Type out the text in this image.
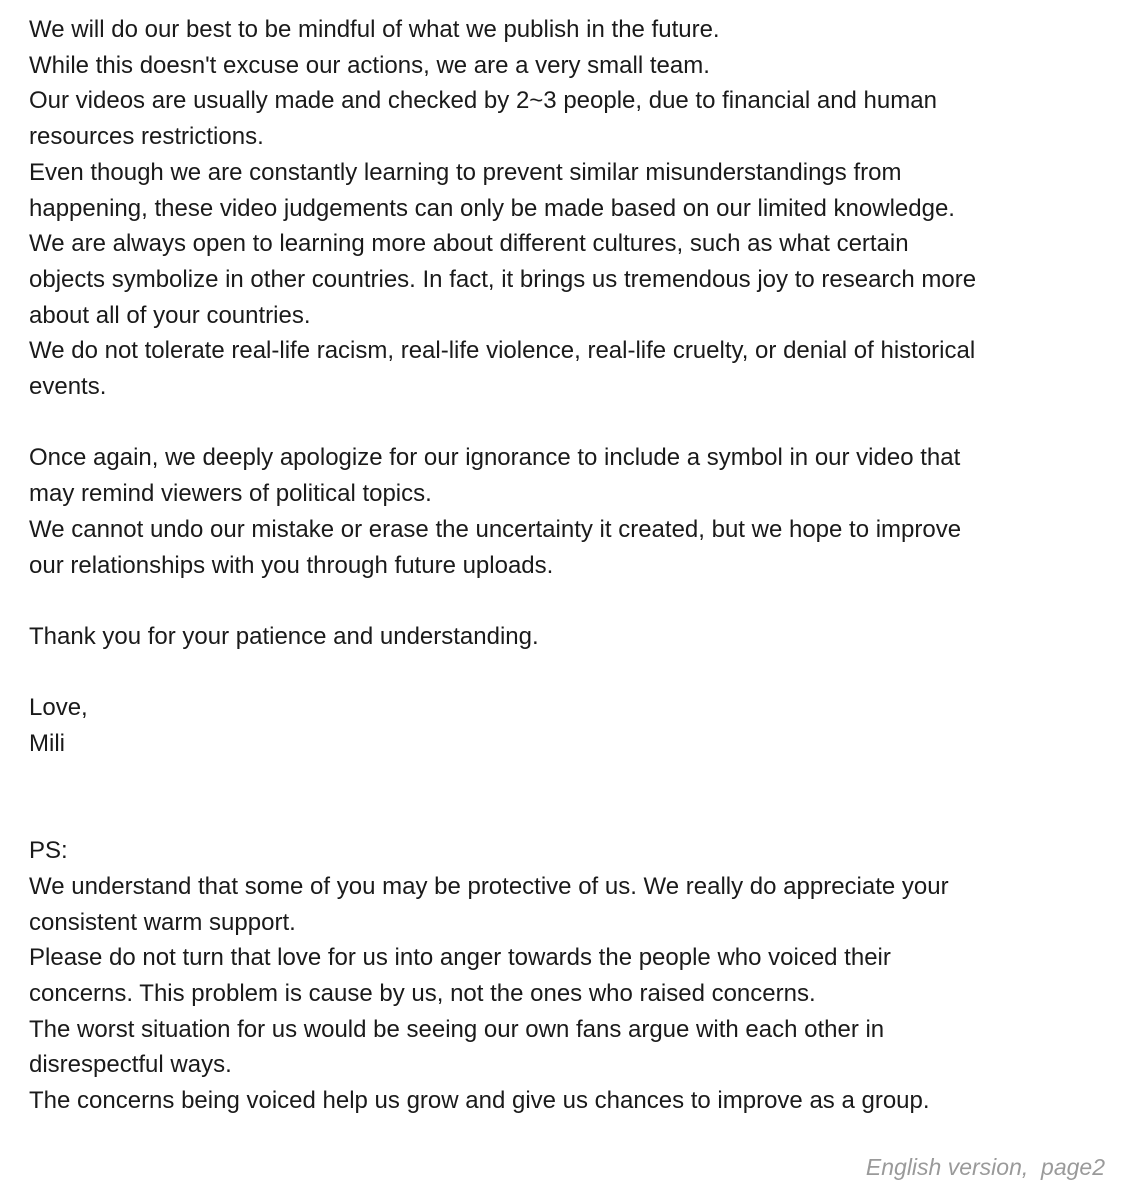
We will do our best to be mindful of what we publish in the future.

While this doesn't excuse our actions, we are a very small team.

Our videos are usually made and checked by 2~3 people, due to financial and human

resources restrictions.

Even though we are constantly learning to prevent similar misunderstandings from

happening, these video judgements can only be made based on our limited knowledge.

We are always open to learning more about different cultures, such as what certain

objects symbolize in other countries. In fact, it brings us tremendous joy to research more

about all of your countries.

We do not tolerate real-life racism, real-life violence, real-life cruelty, or denial of historical

events.

Once again, we deeply apologize for our ignorance to include a symbol in our video that

may remind viewers of political topics.

We cannot undo our mistake or erase the uncertainty it created, but we hope to improve

our relationships with you through future uploads.

Thank you for your patience and understanding.

Love,

Mili

PS:

We understand that some of you may be protective of us. We really do appreciate your

consistent warm support.

Please do not turn that love for us into anger towards the people who voiced their

concerns. This problem is cause by us, not the ones who raised concerns.

The worst situation for us would be seeing our own fans argue with each other in

disrespectful ways.

The concerns being voiced help us grow and give us chances to improve as a group.

English version,  page2
